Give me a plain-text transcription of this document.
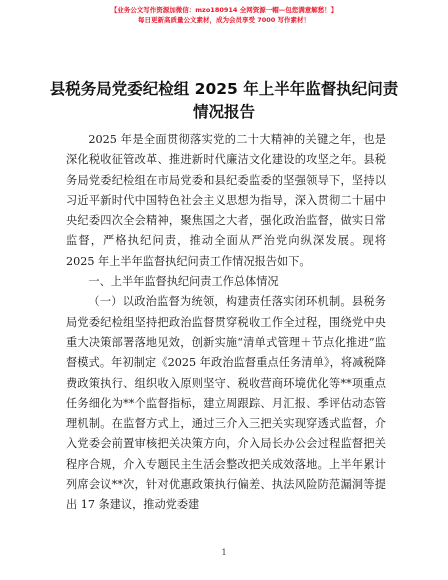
【业务公文写作资源加微信：mzo180914 全网资源一帽—包您满意解愁！】
每日更新高质量公文素材，成为会员享受 7000 写作素材！
县税务局党委纪检组 2025 年上半年监督执纪问责情况报告

2025 年是全面贯彻落实党的二十大精神的关键之年，也是深化税收征管改革、推进新时代廉洁文化建设的攻坚之年。县税务局党委纪检组在市局党委和县纪委监委的坚强领导下，坚持以习近平新时代中国特色社会主义思想为指导，深入贯彻二十届中央纪委四次全会精神，聚焦国之大者，强化政治监督，做实日常监督，严格执纪问责，推动全面从严治党向纵深发展。现将 2025 年上半年监督执纪问责工作情况报告如下。

一、上半年监督执纪问责工作总体情况

（一）以政治监督为统领，构建责任落实闭环机制。县税务局党委纪检组坚持把政治监督贯穿税收工作全过程，围绕党中央重大决策部署落地见效，创新实施“清单式管理＋节点化推进”监督模式。年初制定《2025 年政治监督重点任务清单》，将减税降费政策执行、组织收入原则坚守、税收营商环境优化等**项重点任务细化为**个监督指标，建立周跟踪、月汇报、季评估动态管理机制。在监督方式上，通过三介入三把关实现穿透式监督，介入党委会前置审核把关决策方向，介入局长办公会过程监督把关程序合规，介入专题民主生活会整改把关成效落地。上半年累计列席会议**次，针对优惠政策执行偏差、执法风险防范漏洞等提出 17 条建议，推动党委建

1
